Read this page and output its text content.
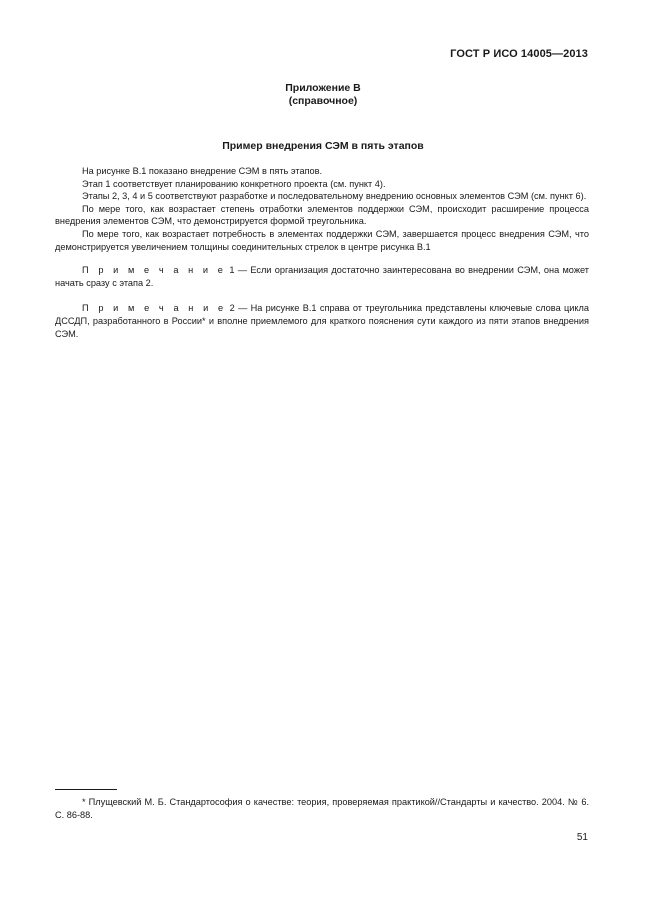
ГОСТ Р ИСО 14005—2013
Приложение В
(справочное)
Пример внедрения СЭМ в пять этапов

На рисунке В.1 показано внедрение СЭМ в пять этапов.

Этап 1 соответствует планированию конкретного проекта (см. пункт 4).

Этапы 2, 3, 4 и 5 соответствуют разработке и последовательному внедрению основных элементов СЭМ (см. пункт 6).

По мере того, как возрастает степень отработки элементов поддержки СЭМ, происходит расширение процесса внедрения элементов СЭМ, что демонстрируется формой треугольника.

По мере того, как возрастает потребность в элементах поддержки СЭМ, завершается процесс внедрения СЭМ, что демонстрируется увеличением толщины соединительных стрелок в центре рисунка В.1

П р и м е ч а н и е 1 — Если организация достаточно заинтересована во внедрении СЭМ, она может начать сразу с этапа 2.

П р и м е ч а н и е 2 — На рисунке В.1 справа от треугольника представлены ключевые слова цикла ДССДП, разработанного в России* и вполне приемлемого для краткого пояснения сути каждого из пяти этапов внедрения СЭМ.

* Плущевский М. Б. Стандартософия о качестве: теория, проверяемая практикой//Стандарты и качество. 2004. № 6. С. 86-88.

51
